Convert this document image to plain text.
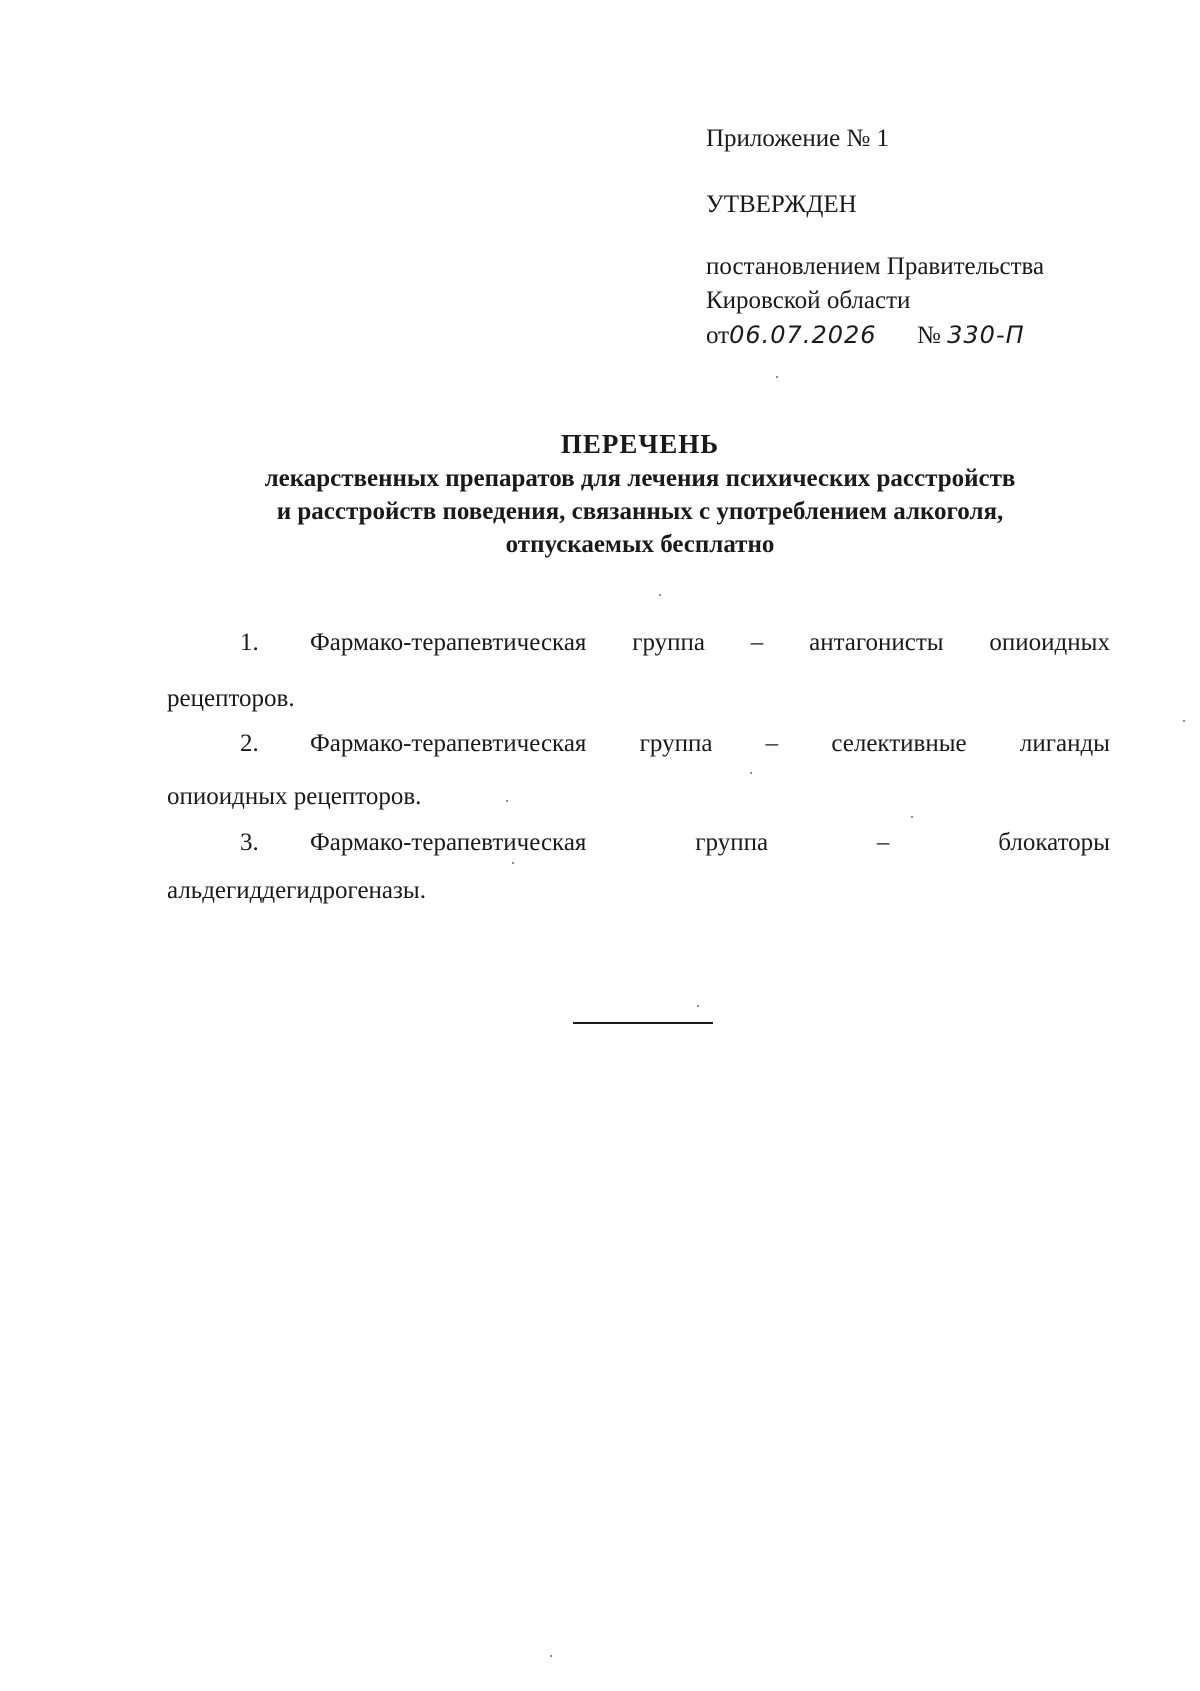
Приложение № 1
УТВЕРЖДЕН
постановлением Правительства
Кировской области
от06.07.2026 № 330-П
ПЕРЕЧЕНЬ
лекарственных препаратов для лечения психических расстройств
и расстройств поведения, связанных с употреблением алкоголя,
отпускаемых бесплатно
1.	Фармако-терапевтическая группа – антагонисты опиоидных
рецепторов.
2.	Фармако-терапевтическая группа – селективные лиганды
опиоидных рецепторов.
3.	Фармако-терапевтическая	группа	–	блокаторы
альдегиддегидрогеназы.
